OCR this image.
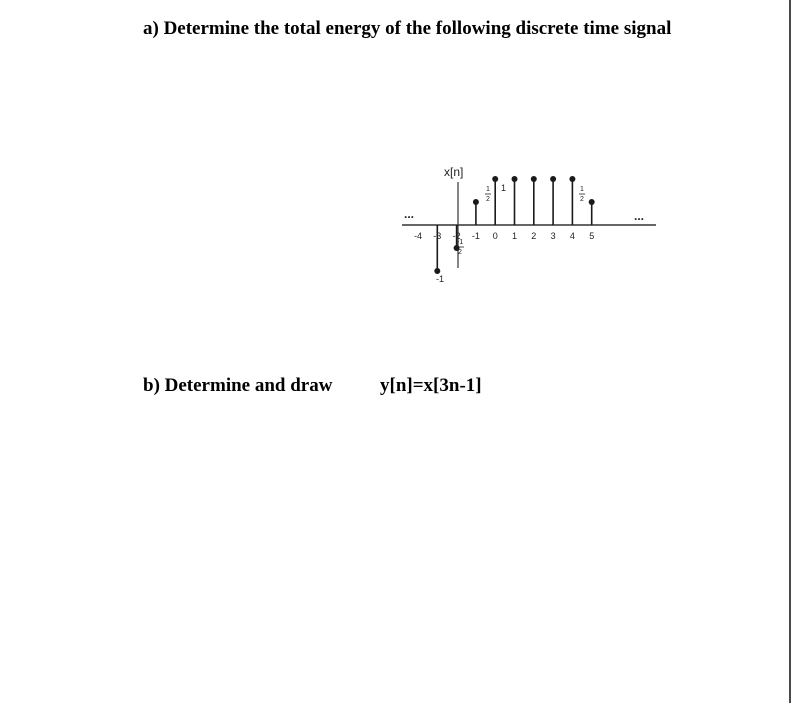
a) Determine the total energy of the following discrete time signal
x[n]
...	...
-4 -3 -2 -1 0 1 2 3 4 5
1
1
2
1
2
-1
2
-1
b) Determine and draw	y[n]=x[3n-1]
